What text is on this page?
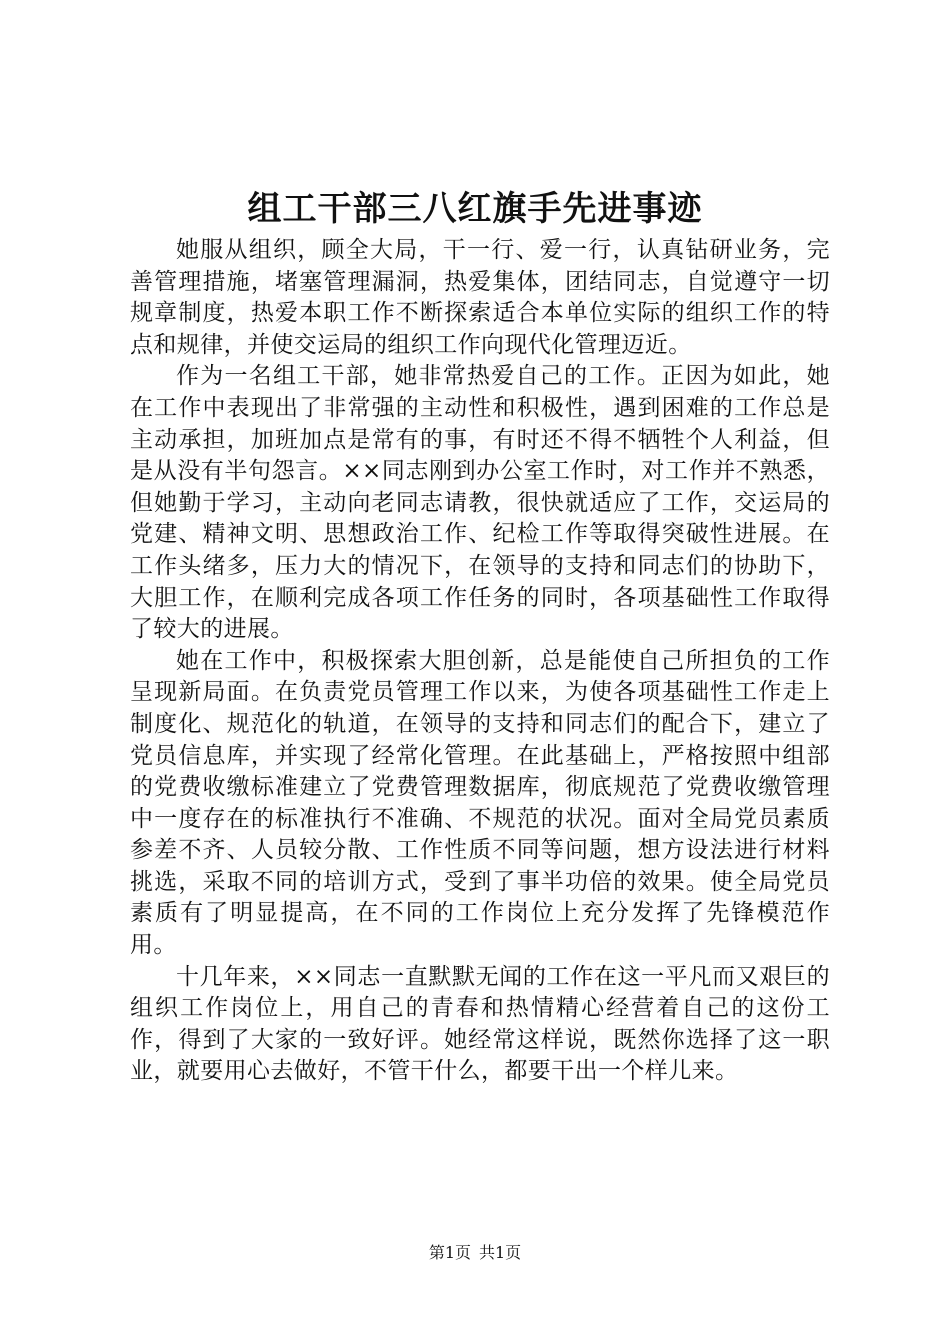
组工干部三八红旗手先进事迹

她服从组织，顾全大局，干一行、爱一行，认真钻研业务，完善管理措施，堵塞管理漏洞，热爱集体，团结同志，自觉遵守一切规章制度，热爱本职工作不断探索适合本单位实际的组织工作的特点和规律，并使交运局的组织工作向现代化管理迈近。

作为一名组工干部，她非常热爱自己的工作。正因为如此，她在工作中表现出了非常强的主动性和积极性，遇到困难的工作总是主动承担，加班加点是常有的事，有时还不得不牺牲个人利益，但是从没有半句怨言。××同志刚到办公室工作时，对工作并不熟悉，但她勤于学习，主动向老同志请教，很快就适应了工作，交运局的党建、精神文明、思想政治工作、纪检工作等取得突破性进展。在工作头绪多，压力大的情况下，在领导的支持和同志们的协助下，大胆工作，在顺利完成各项工作任务的同时，各项基础性工作取得了较大的进展。

她在工作中，积极探索大胆创新，总是能使自己所担负的工作呈现新局面。在负责党员管理工作以来，为使各项基础性工作走上制度化、规范化的轨道，在领导的支持和同志们的配合下，建立了党员信息库，并实现了经常化管理。在此基础上，严格按照中组部的党费收缴标准建立了党费管理数据库，彻底规范了党费收缴管理中一度存在的标准执行不准确、不规范的状况。面对全局党员素质参差不齐、人员较分散、工作性质不同等问题，想方设法进行材料挑选，采取不同的培训方式，受到了事半功倍的效果。使全局党员素质有了明显提高，在不同的工作岗位上充分发挥了先锋模范作用。

十几年来，××同志一直默默无闻的工作在这一平凡而又艰巨的组织工作岗位上，用自己的青春和热情精心经营着自己的这份工作，得到了大家的一致好评。她经常这样说，既然你选择了这一职业，就要用心去做好，不管干什么，都要干出一个样儿来。

第1页 共1页
